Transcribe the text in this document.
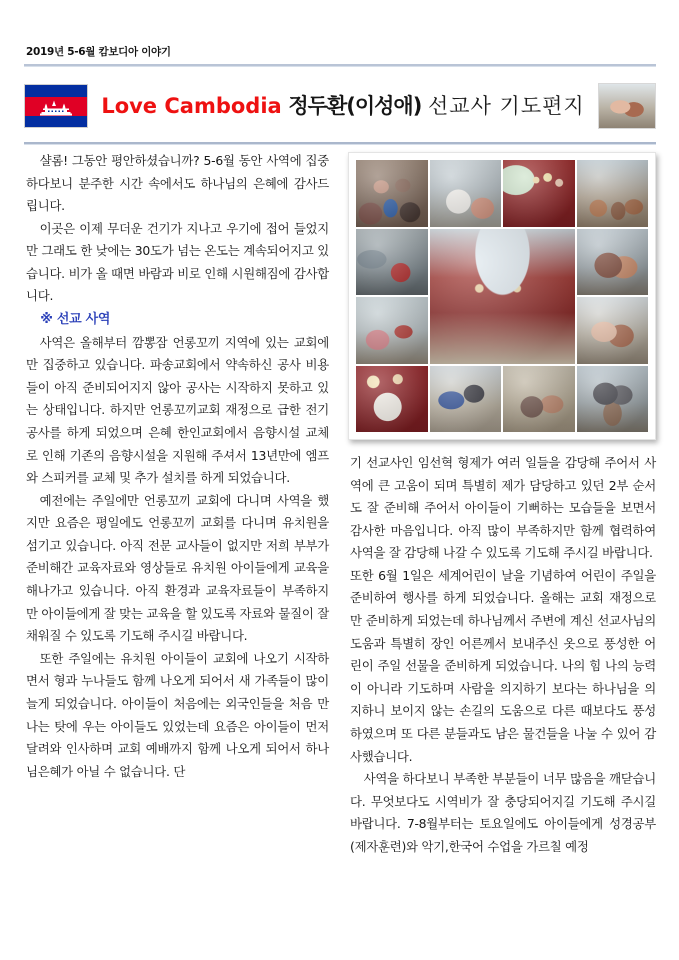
2019년 5-6월 캄보디아 이야기
Love Cambodia 정두환(이성애) 선교사 기도편지

샬롬! 그동안 평안하셨습니까? 5-6월 동안 사역에 집중 하다보니 분주한 시간 속에서도 하나님의 은혜에 감사드립니다.

이곳은 이제 무더운 건기가 지나고 우기에 접어 들었지만 그래도 한 낮에는 30도가 넘는 온도는 계속되어지고 있습니다. 비가 올 때면 바람과 비로 인해 시원해짐에 감사합니다.

※ 선교 사역

사역은 올해부터 깜뽕잠 언롱꼬끼 지역에 있는 교회에만 집중하고 있습니다. 파송교회에서 약속하신 공사 비용들이 아직 준비되어지지 않아 공사는 시작하지 못하고 있는 상태입니다. 하지만 언롱꼬끼교회 재정으로 급한 전기 공사를 하게 되었으며 은혜 한인교회에서 음향시설 교체로 인해 기존의 음향시설을 지원해 주셔서 13년만에 엠프와 스피커를 교체 및 추가 설치를 하게 되었습니다.

예전에는 주일에만 언롱꼬끼 교회에 다니며 사역을 했지만 요즘은 평일에도 언롱꼬끼 교회를 다니며 유치원을 섬기고 있습니다. 아직 전문 교사들이 없지만 저희 부부가 준비해간 교육자료와 영상들로 유치원 아이들에게 교육을 해나가고 있습니다. 아직 환경과 교육자료들이 부족하지만 아이들에게 잘 맞는 교육을 할 있도록 자료와 물질이 잘 채워질 수 있도록 기도해 주시길 바랍니다.

또한 주일에는 유치원 아이들이 교회에 나오기 시작하면서 형과 누나들도 함께 나오게 되어서 새 가족들이 많이 늘게 되었습니다. 아이들이 처음에는 외국인들을 처음 만나는 탓에 우는 아이들도 있었는데 요즘은 아이들이 먼저 달려와 인사하며 교회 예배까지 함께 나오게 되어서 하나님은혜가 아닐 수 없습니다. 단

기 선교사인 임선혁 형제가 여러 일들을 감당해 주어서 사역에 큰 고움이 되며 특별히 제가 담당하고 있던 2부 순서도 잘 준비해 주어서 아이들이 기뻐하는 모습들을 보면서 감사한 마음입니다. 아직 많이 부족하지만 함께 협력하여 사역을 잘 감당해 나갈 수 있도록 기도해 주시길 바랍니다.

또한 6월 1일은 세계어린이 날을 기념하여 어린이 주일을 준비하여 행사를 하게 되었습니다. 올해는 교회 재정으로만 준비하게 되었는데 하나님께서 주변에 계신 선교사님의 도움과 특별히 장인 어른께서 보내주신 옷으로 풍성한 어린이 주일 선물을 준비하게 되었습니다. 나의 힘 나의 능력이 아니라 기도하며 사람을 의지하기 보다는 하나님을 의지하니 보이지 않는 손길의 도움으로 다른 때보다도 풍성하였으며 또 다른 분들과도 남은 물건들을 나눌 수 있어 감사했습니다.

사역을 하다보니 부족한 부분들이 너무 많음을 깨닫습니다. 무엇보다도 시역비가 잘 충당되어지길 기도해 주시길 바랍니다. 7-8월부터는 토요일에도 아이들에게 성경공부(제자훈련)와 악기,한국어 수업을 가르칠 예정
